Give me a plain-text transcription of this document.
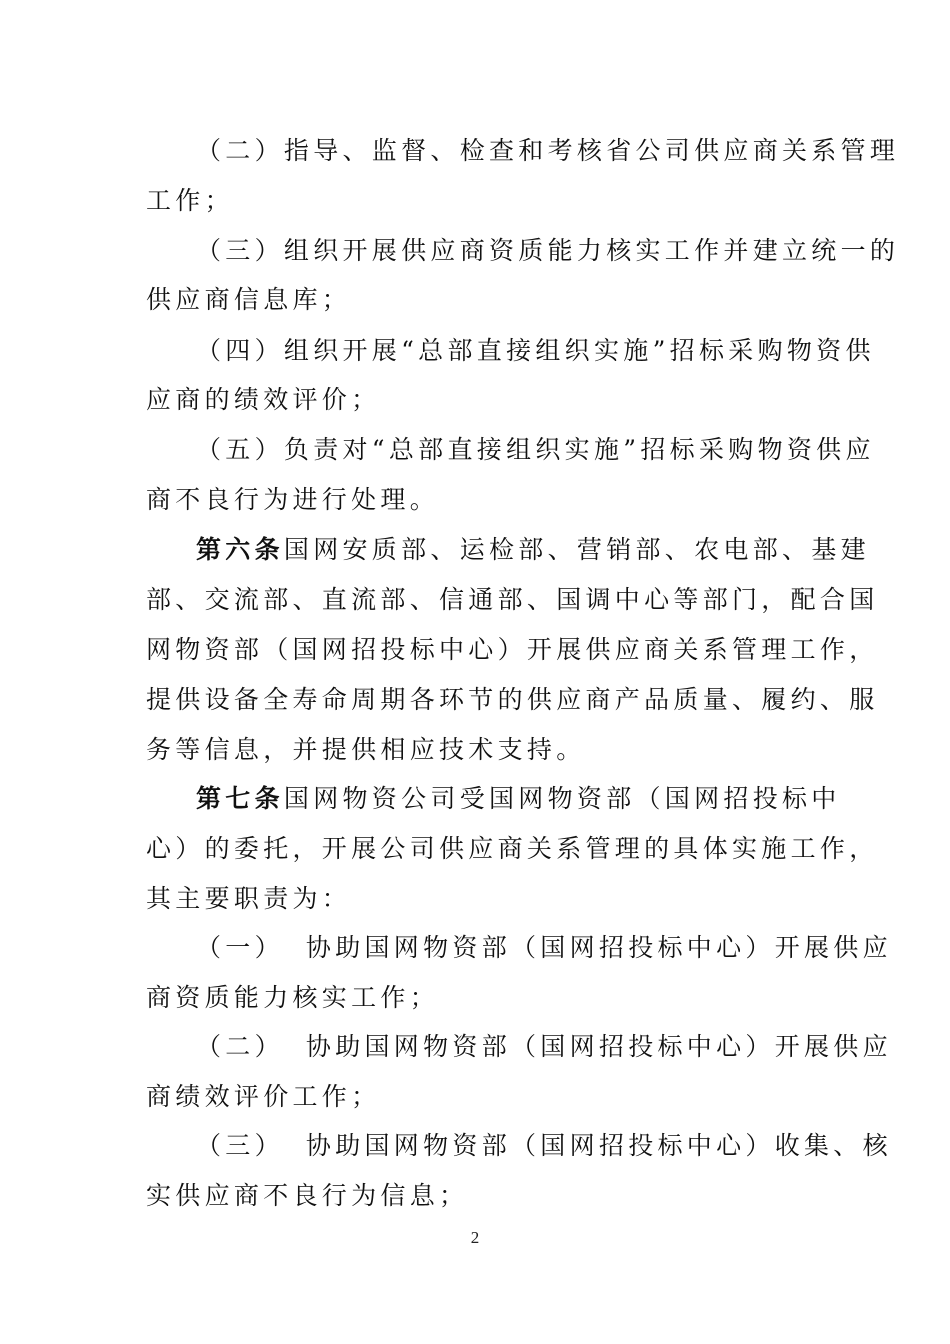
（二）指导、监督、检查和考核省公司供应商关系管理
工作；
（三）组织开展供应商资质能力核实工作并建立统一的
供应商信息库；
（四）组织开展“总部直接组织实施”招标采购物资供
应商的绩效评价；
（五）负责对“总部直接组织实施”招标采购物资供应
商不良行为进行处理。
第六条国网安质部、运检部、营销部、农电部、基建
部、交流部、直流部、信通部、国调中心等部门，配合国
网物资部（国网招投标中心）开展供应商关系管理工作，
提供设备全寿命周期各环节的供应商产品质量、履约、服
务等信息，并提供相应技术支持。
第七条国网物资公司受国网物资部（国网招投标中
心）的委托，开展公司供应商关系管理的具体实施工作，
其主要职责为：
（一） 协助国网物资部（国网招投标中心）开展供应
商资质能力核实工作；
（二） 协助国网物资部（国网招投标中心）开展供应
商绩效评价工作；
（三） 协助国网物资部（国网招投标中心）收集、核
实供应商不良行为信息；
2
